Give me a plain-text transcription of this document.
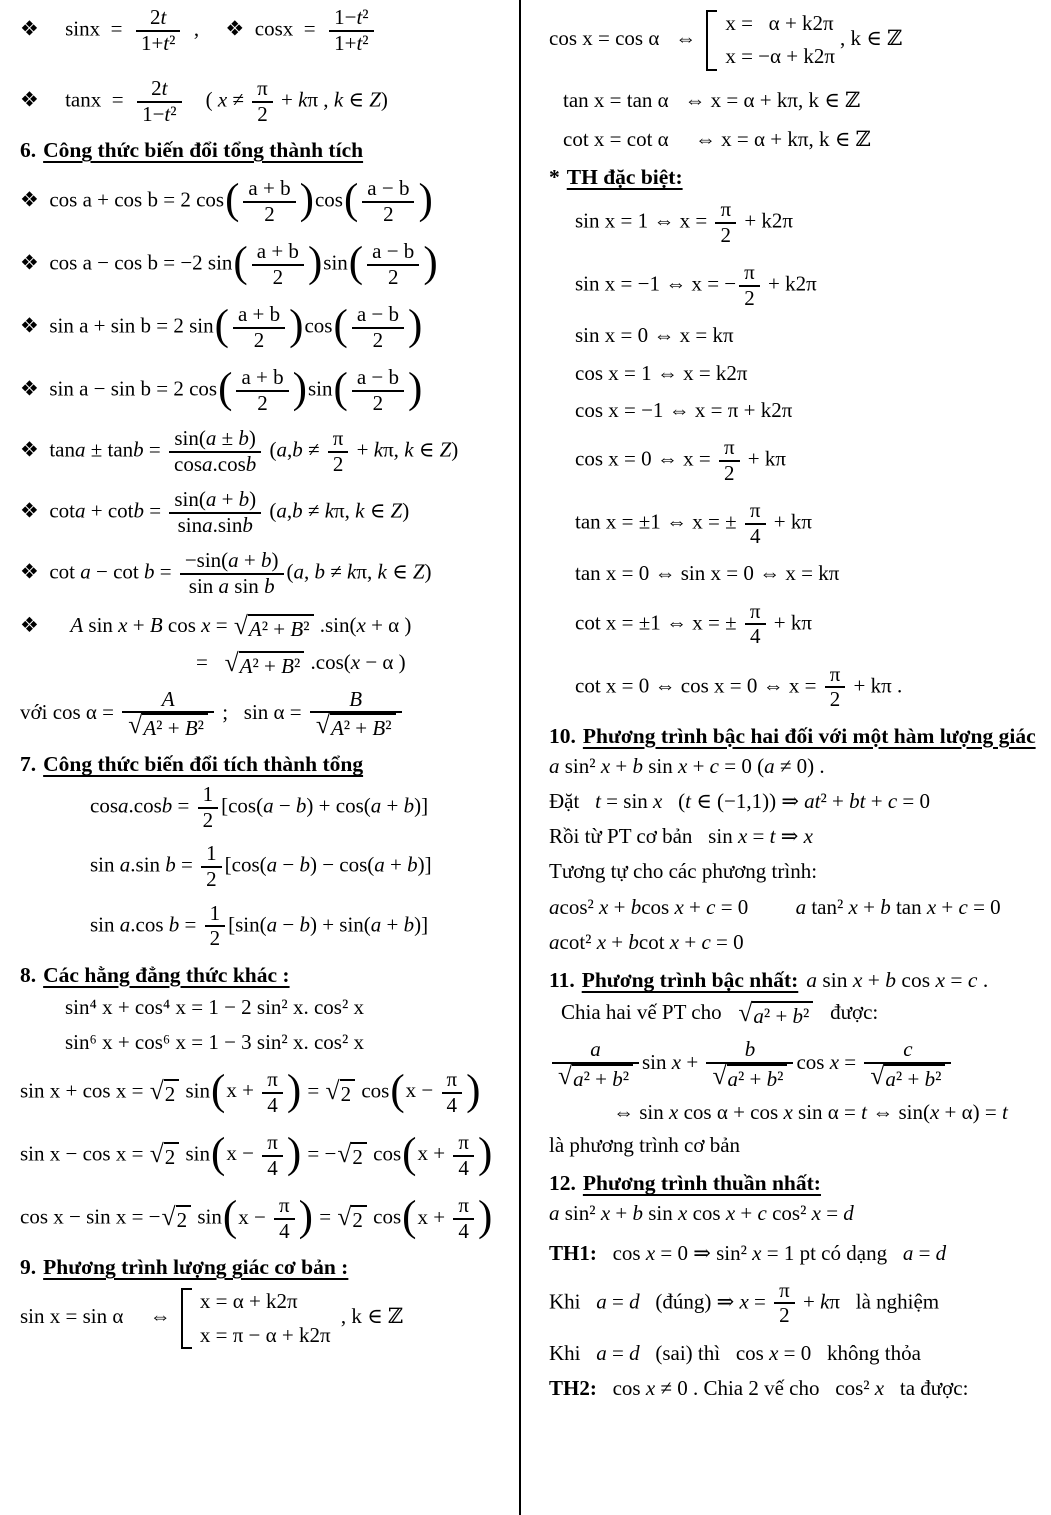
❖  sinx =  $\frac{2t}{\text{1+t²}}$  ,  ❖ cosx =  $\frac{\text{1−t²}}{\text{1+t²}}$
❖  tanx =  $\frac{2t}{\text{1−t²}}$  ( $x \ne \frac{\pi}{2} + k\pi$ , k ∈ Z)
6. Công thức biến đổi tổng thành tích
❖ cos a + cos b = 2 $\cos( \frac{a + b}{2} )\cos( \frac{a - b}{2}$ )
❖ cos a − cos b = −2 $\sin( \frac{a + b}{2} )\sin( \frac{a - b}{2}$ )
❖ sin a + sin b = 2 $\sin( \frac{a + b}{2} )\cos( \frac{a - b}{2}$ )
❖ sin a − sin b = 2 $\cos( \frac{a + b}{2} )\sin( \frac{a - b}{2}$ )
❖ $\tan a \pm \tan b = \frac{\sin(a \pm b)}{\cos a.\cos b} (a,b \ne \frac{\pi}{2} + k\pi$, k ∈ Z)
❖ $\cot a + \cot b = \frac{\sin(a + b)}{\sin a.\sin b} (a,b \ne k\pi$, k ∈ Z)
❖ $\cot a - \cot b = \frac{-\sin(a + b)}{\text{sin a sin b}} (a$, b ≠ kπ, k ∈ Z)
❖  A sin x + B cos x = √ A² + B² .sin(x + α )
=   √ A² + B² .cos(x − α )
với $\cos \alpha = \frac{A}{\text{√ A² + B²}}$ ;  $\sin \alpha = \frac{B}{\text{√ A² + B²}}$
7. Công thức biến đổi tích thành tổng
$\cos a.\cos b = \frac{1}{2} [\cos(a - b) + \cos(a + b)]$
sin a.sin $b = \frac{1}{2} [\cos(a - b) - \cos(a + b)]$
sin a.cos $b = \frac{1}{2} [\sin(a - b) + \sin(a + b)]$
8. Các hằng đẳng thức khác :
sin⁴ x + cos⁴ x = 1 − 2 sin² x. cos² x
sin⁶ x + cos⁶ x = 1 − 3 sin² x. cos² x
sin x + cos x = √ 2 $\sin(x + \frac{\pi}{4}$ ) = √ 2 $\cos(x - \frac{\pi}{4}$ )
sin x − cos x = √ 2 $\sin(x - \frac{\pi}{4}$ ) = − √ 2 $\cos(x + \frac{\pi}{4}$ )
cos x − sin x = − √ 2 $\sin(x - \frac{\pi}{4}$ ) = √ 2 $\cos(x + \frac{\pi}{4}$ )
9. Phương trình lượng giác cơ bản :
sin x = sin α  ⇔
x = α + k2π
x = π − α + k2π
, k ∈ ℤ
cos x = cos α  ⇔
x =  α + k2π
x = −α + k2π
, k ∈ ℤ
tan x = tan α  ⇔ x = α + kπ, k ∈ ℤ
cot x = cot α  ⇔ x = α + kπ, k ∈ ℤ
* TH đặc biệt:
sin x = 1 ⇔ $x = \frac{\pi}{2} + k2\pi$
sin x = −1 ⇔ x = − $\frac{\pi}{2} + k2\pi$
sin x = 0 ⇔ x = kπ
cos x = 1 ⇔ x = k2π
cos x = −1 ⇔ x = π + k2π
cos x = 0 ⇔ $x = \frac{\pi}{2} + k\pi$
tan x = ±1 ⇔ x = ± $\frac{\pi}{4} + k\pi$
tan x = 0 ⇔ sin x = 0 ⇔ x = kπ
cot x = ±1 ⇔ x = ± $\frac{\pi}{4} + k\pi$
cot x = 0 ⇔ cos x = 0 ⇔ $x = \frac{\pi}{2} + k\pi$ .
10. Phương trình bậc hai đối với một hàm lượng giác
a sin² x + b sin x + c = 0 (a ≠ 0) .
Đặt  t = sin x  (t ∈ (−1,1)) ⇒ at² + bt + c = 0
Rồi từ PT cơ bản  sin x = t ⇒ x
Tương tự cho các phương trình:
acos² x + bcos x + c = 0   a tan² x + b tan x + c = 0
acot² x + bcot x + c = 0
11. Phương trình bậc nhất: a sin x + b cos x = c .
Chia hai vế PT cho   √ a² + b²  được:
$\frac{a}{\text{√ a² + b²}}$ $\sin x + \frac{b}{\text{√ a² + b²}}$ $\cos x = \frac{c}{\text{√ a² + b²}}$
⇔ sin x cos α + cos x sin α = t ⇔ sin(x + α) = t
là phương trình cơ bản
12. Phương trình thuần nhất:
a sin² x + b sin x cos x + c cos² x = d
TH1:  cos x = 0 ⇒ sin² x = 1 pt có dạng  a = d
Khi  a = d  (đúng) ⇒ $x = \frac{\pi}{2} + k\pi$  là nghiệm
Khi  a = d  (sai) thì  cos x = 0  không thỏa
TH2:  cos x ≠ 0 . Chia 2 vế cho  cos² x  ta được:
